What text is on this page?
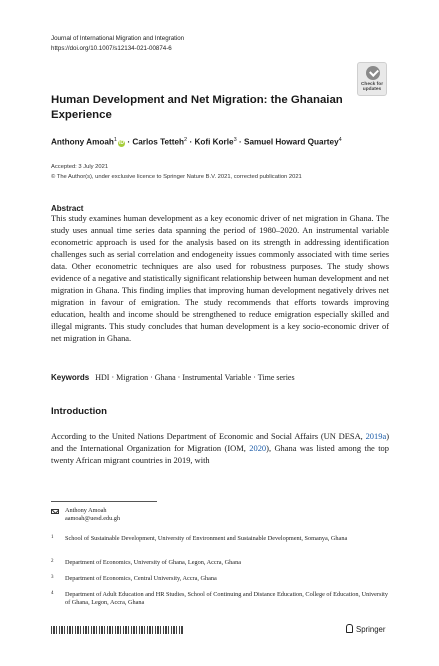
Journal of International Migration and Integration
https://doi.org/10.1007/s12134-021-00874-6
Check for
updates
Human Development and Net Migration: the Ghanaian Experience
Anthony Amoah$^1$ iD · Carlos Tetteh$^2$ · Kofi Korle$^3$ · Samuel Howard Quartey$^4$
Accepted: 3 July 2021
© The Author(s), under exclusive licence to Springer Nature B.V. 2021, corrected publication 2021
Abstract
This study examines human development as a key economic driver of net migration in Ghana. The study uses annual time series data spanning the period of 1980–2020. An instrumental variable econometric approach is used for the analysis based on its strength in addressing identification challenges such as serial correlation and endogeneity issues commonly associated with time series data. Other econometric techniques are also used for robustness purposes. The study shows evidence of a negative and statistically significant relationship between human development and net migration in Ghana. This finding implies that improving human development negatively drives net migration in favour of emigration. The study recommends that efforts towards improving education, health and income should be strengthened to reduce emigration especially skilled and illegal migrants. This study concludes that human development is a key socio-economic driver of net migration in Ghana.
Keywords HDI · Migration · Ghana · Instrumental Variable · Time series
Introduction
According to the United Nations Department of Economic and Social Affairs (UN DESA, 2019a) and the International Organization for Migration (IOM, 2020), Ghana was listed among the top twenty African migrant countries in 2019, with
Anthony Amoah
aamoah@uesd.edu.gh
1 School of Sustainable Development, University of Environment and Sustainable Development, Somanya, Ghana
2 Department of Economics, University of Ghana, Legon, Accra, Ghana
3 Department of Economics, Central University, Accra, Ghana
4 Department of Adult Education and HR Studies, School of Continuing and Distance Education, College of Education, University of Ghana, Legon, Accra, Ghana
Springer
